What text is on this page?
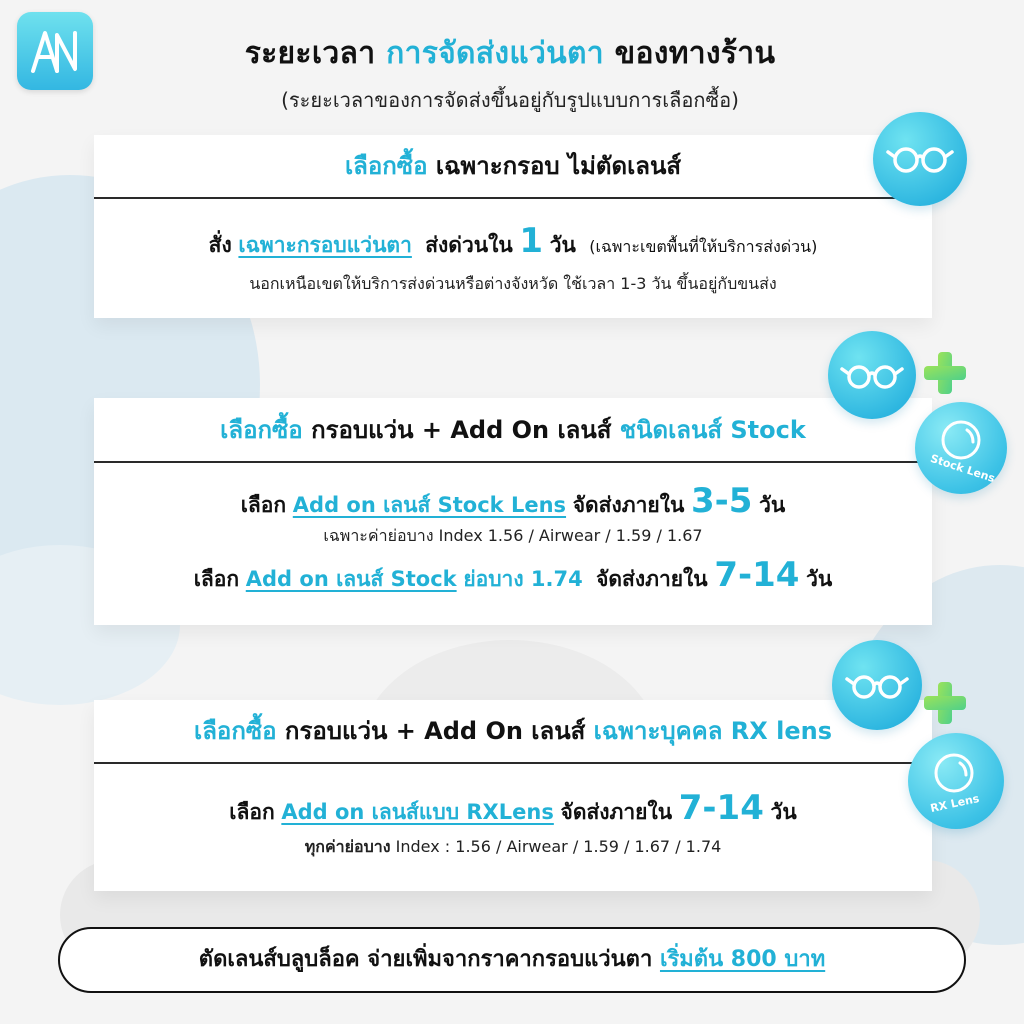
ระยะเวลา การจัดส่งแว่นตา ของทางร้าน
(ระยะเวลาของการจัดส่งขึ้นอยู่กับรูปแบบการเลือกซื้อ)
เลือกซื้อ เฉพาะกรอบ ไม่ตัดเลนส์
สั่ง เฉพาะกรอบแว่นตา ส่งด่วนใน 1 วัน (เฉพาะเขตพื้นที่ให้บริการส่งด่วน)
นอกเหนือเขตให้บริการส่งด่วนหรือต่างจังหวัด ใช้เวลา 1-3 วัน ขึ้นอยู่กับขนส่ง
เลือกซื้อ กรอบแว่น + Add On เลนส์ ชนิดเลนส์ Stock
เลือก Add on เลนส์ Stock Lens จัดส่งภายใน 3-5 วัน
เฉพาะค่าย่อบาง Index 1.56 / Airwear / 1.59 / 1.67
เลือก Add on เลนส์ Stock ย่อบาง 1.74 จัดส่งภายใน 7-14 วัน
Stock Lens
เลือกซื้อ กรอบแว่น + Add On เลนส์ เฉพาะบุคคล RX lens
เลือก Add on เลนส์แบบ RXLens จัดส่งภายใน 7-14 วัน
ทุกค่าย่อบาง Index : 1.56 / Airwear / 1.59 / 1.67 / 1.74
RX Lens
ตัดเลนส์บลูบล็อค จ่ายเพิ่มจากราคากรอบแว่นตา เริ่มต้น 800 บาท
